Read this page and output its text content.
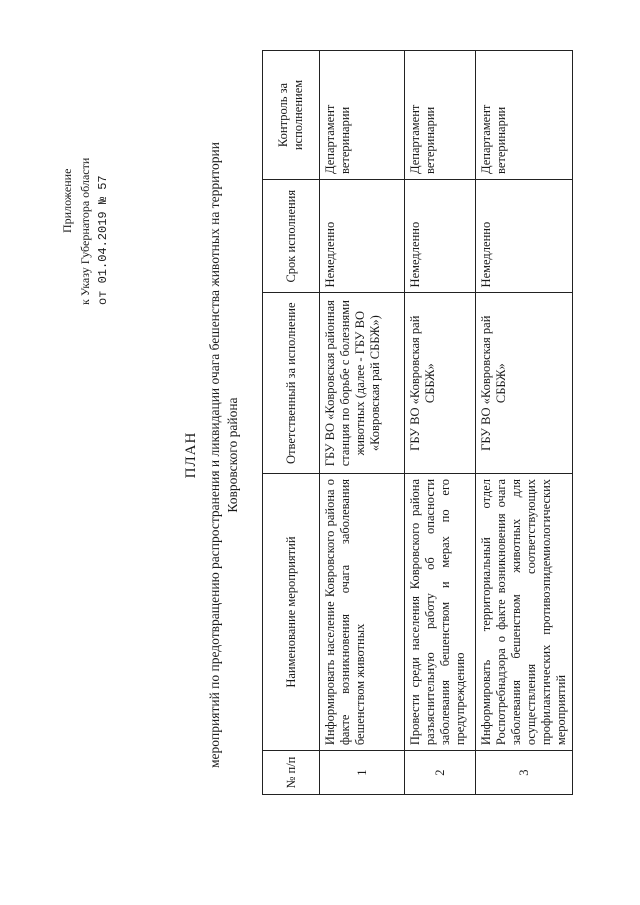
Приложение к Указу Губернатора области от 01.04.2019 № 57
ПЛАН мероприятий по предотвращению распространения и ликвидации очага бешенства животных на территории Ковровского района
№ п/п	Наименование мероприятий	Ответственный за исполнение	Срок исполнения	Контроль за исполнением
1	Информировать население Ковровского района о факте возникновения очага заболевания бешенством животных	ГБУ ВО «Ковровская районная станция по борьбе с болезнями животных (далее - ГБУ ВО «Ковровская рай СББЖ»)	Немедленно	Департамент ветеринарии
2	Провести среди населения Ковровского района разъяснительную работу об опасности заболевания бешенством и мерах по его предупреждению	ГБУ ВО «Ковровская рай СББЖ»	Немедленно	Департамент ветеринарии
3	Информировать территориальный отдел Роспотребнадзора о факте возникновения очага заболевания бешенством животных для осуществления соответствующих профилактических противоэпидемиологических мероприятий	ГБУ ВО «Ковровская рай СББЖ»	Немедленно	Департамент ветеринарии
